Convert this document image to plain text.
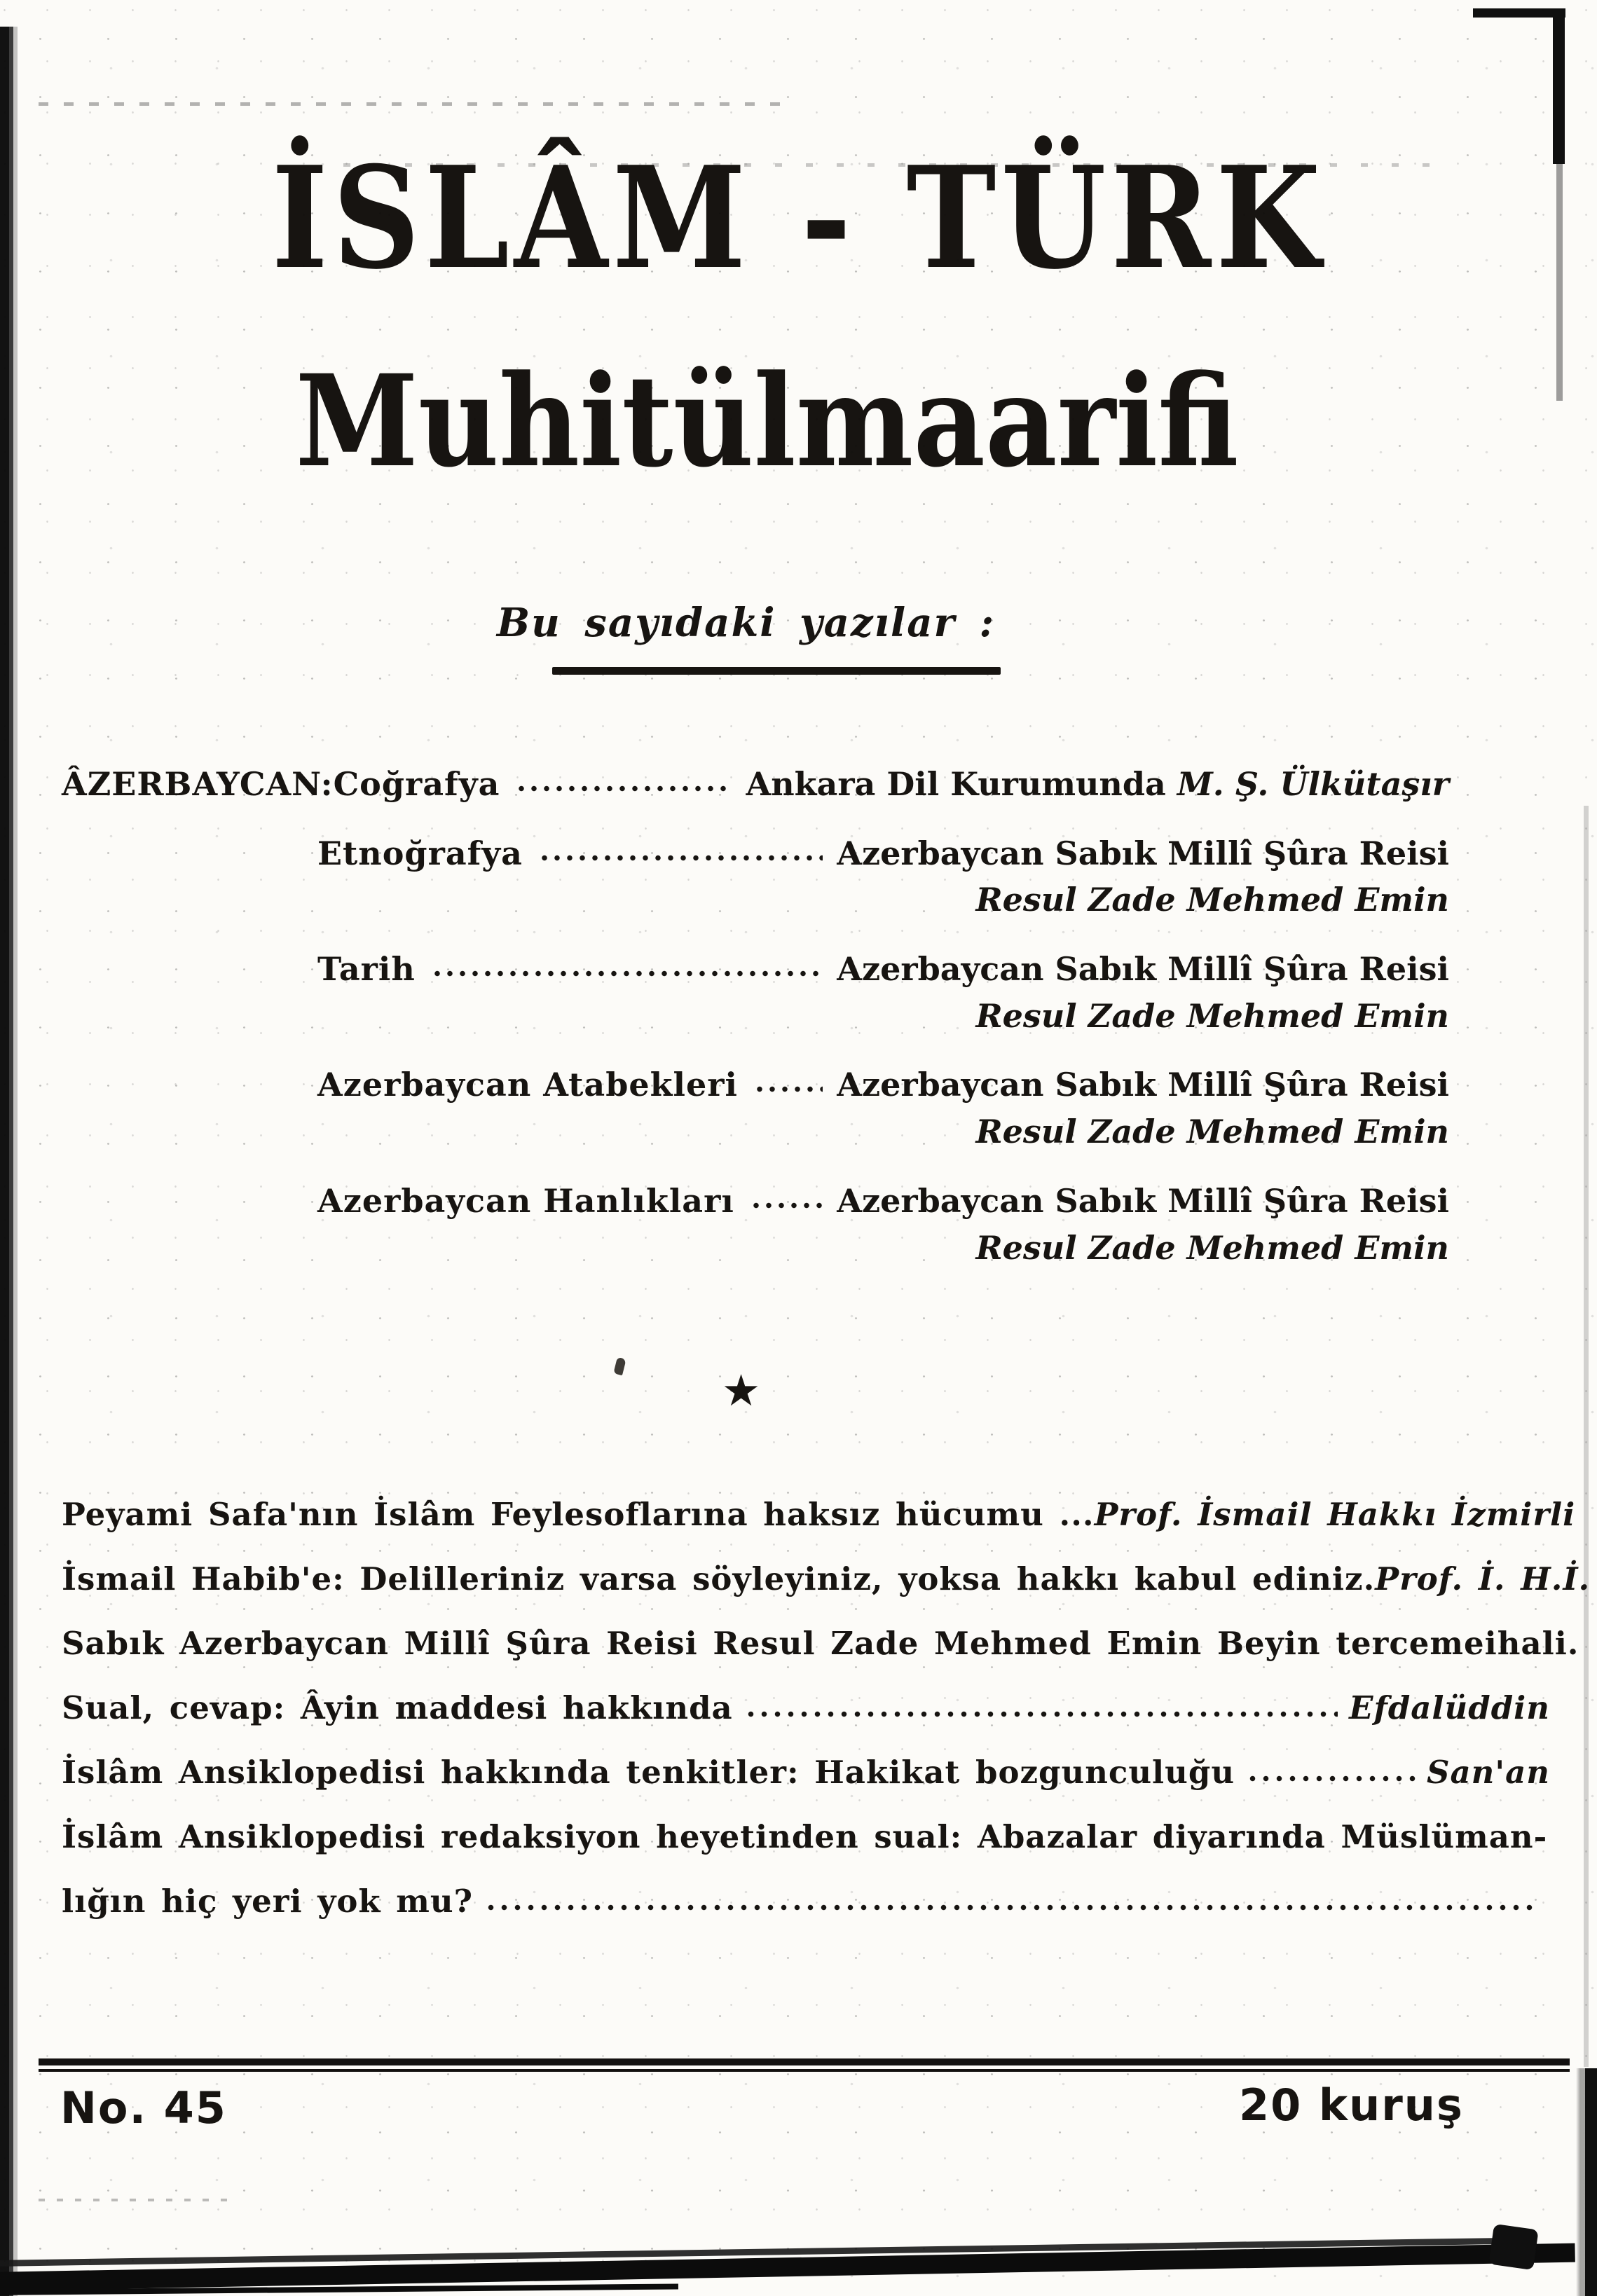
İSLÂM - TÜRK
Muhitülmaarifi
Bu sayıdaki yazılar :
ÂZERBAYCAN: Coğrafya	Ankara Dil Kurumunda M. Ş. Ülkütaşır
Etnoğrafya	Azerbaycan Sabık Millî Şûra Reisi
Resul Zade Mehmed Emin
Tarih	Azerbaycan Sabık Millî Şûra Reisi
Resul Zade Mehmed Emin
Azerbaycan Atabekleri	Azerbaycan Sabık Millî Şûra Reisi
Resul Zade Mehmed Emin
Azerbaycan Hanlıkları	Azerbaycan Sabık Millî Şûra Reisi
Resul Zade Mehmed Emin
★
Peyami Safa'nın İslâm Feylesoflarına haksız hücumu ... Prof. İsmail Hakkı İzmirli
İsmail Habib'e: Delilleriniz varsa söyleyiniz, yoksa hakkı kabul ediniz. Prof. İ. H.İ.
Sabık Azerbaycan Millî Şûra Reisi Resul Zade Mehmed Emin Beyin tercemeihali.
Sual, cevap: Âyin maddesi hakkında	Efdalüddin
İslâm Ansiklopedisi hakkında tenkitler: Hakikat bozgunculuğu	San'an
İslâm Ansiklopedisi redaksiyon heyetinden sual: Abazalar diyarında Müslüman-
lığın hiç yeri yok mu?
No. 45	20 kuruş
